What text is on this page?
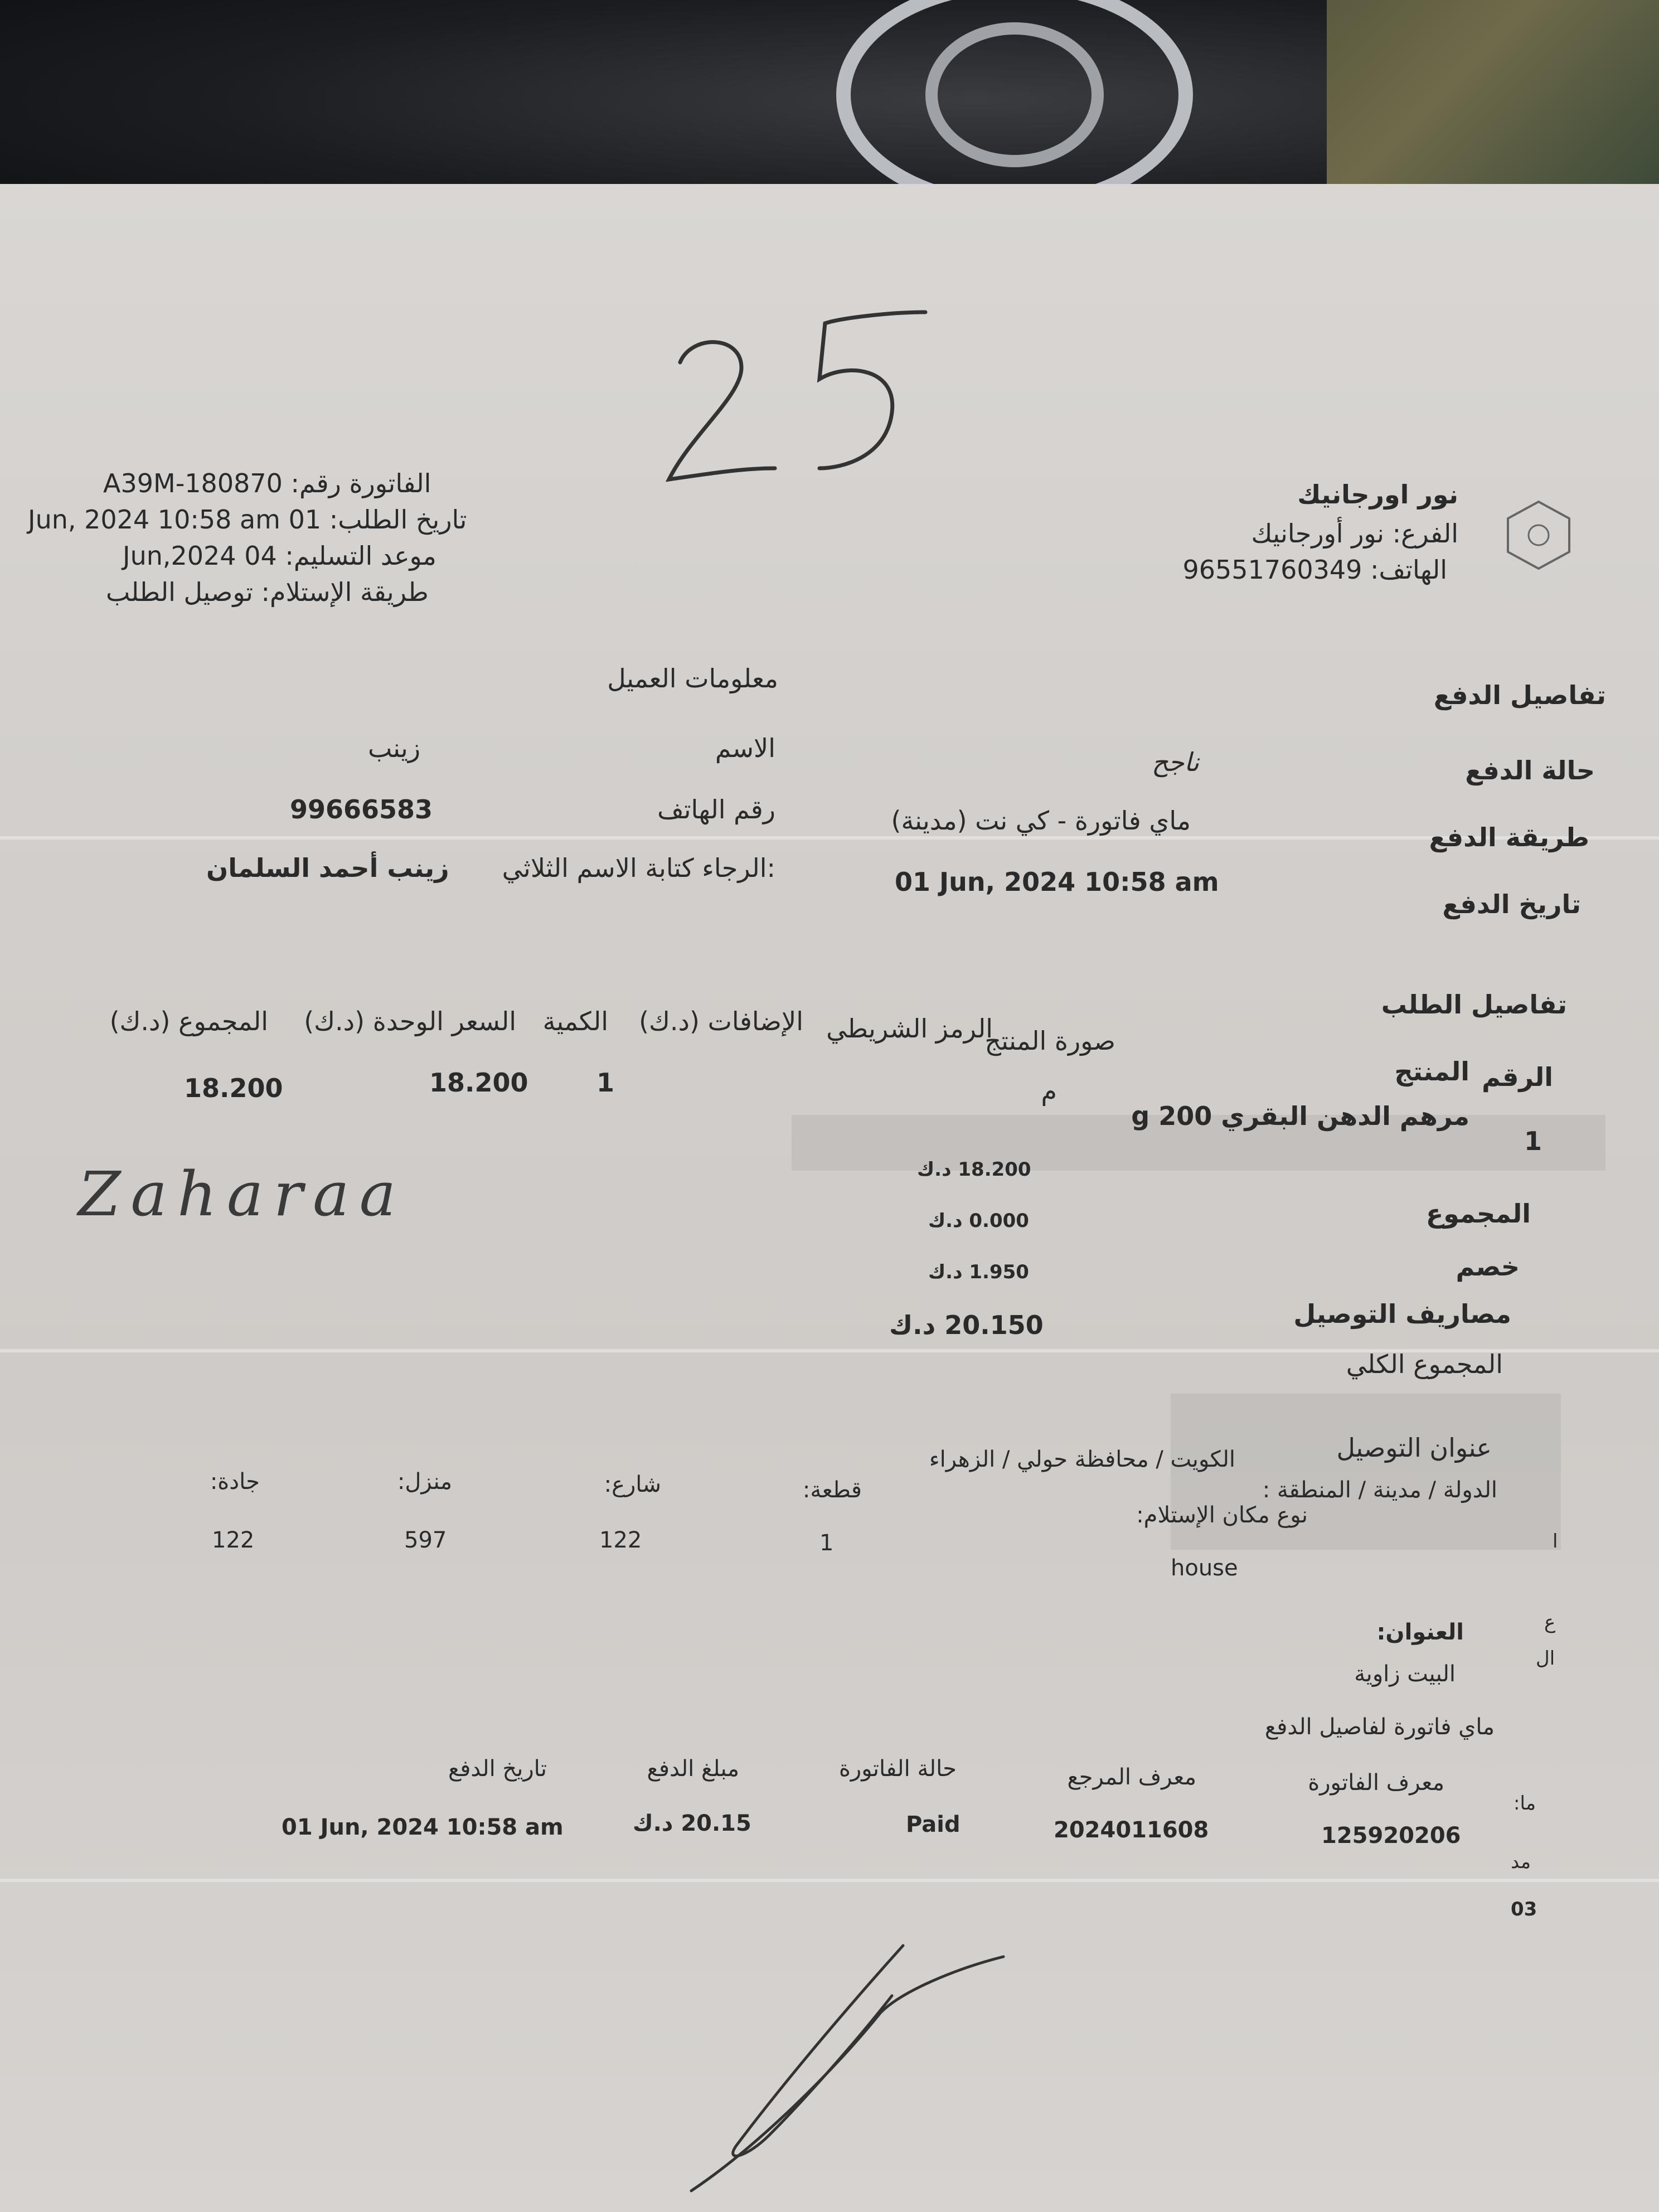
Zaharaa
نور اورجانيك
الفرع: نور أورجانيك
الهاتف: 96551760349
الفاتورة رقم: A39M-180870
تاريخ الطلب: 01 Jun, 2024 10:58 am
موعد التسليم: 04 Jun,2024
طريقة الإستلام: توصيل الطلب
تفاصيل الدفع
حالة الدفع
ناجح
طريقة الدفع
ماي فاتورة - كي نت (مدينة)
تاريخ الدفع
01 Jun, 2024 10:58 am
معلومات العميل
الاسم
زينب
رقم الهاتف
99666583
:الرجاء كتابة الاسم الثلاثي
زينب أحمد السلمان
تفاصيل الطلب
الرقم
المنتج
صورة المنتج
الرمز الشريطي
الإضافات (د.ك)
الكمية
السعر الوحدة (د.ك)
المجموع (د.ك)
م
1
مرهم الدهن البقري 200 g
1
18.200
18.200
المجموع
18.200 د.ك
خصم
0.000 د.ك
مصاريف التوصيل
1.950 د.ك
المجموع الكلي
20.150 د.ك
عنوان التوصيل
الدولة / مدينة / المنطقة :
الكويت / محافظة حولي / الزهراء
قطعة:
شارع:
منزل:
جادة:
1
122
597
122
نوع مكان الإستلام:
house
العنوان:
البيت زاوية
ماي فاتورة لفاصيل الدفع
معرف الفاتورة
معرف المرجع
حالة الفاتورة
مبلغ الدفع
تاريخ الدفع
125920206
2024011608
Paid
20.15 د.ك
01 Jun, 2024 10:58 am
ا
ع
ال
ما:
مد
03
